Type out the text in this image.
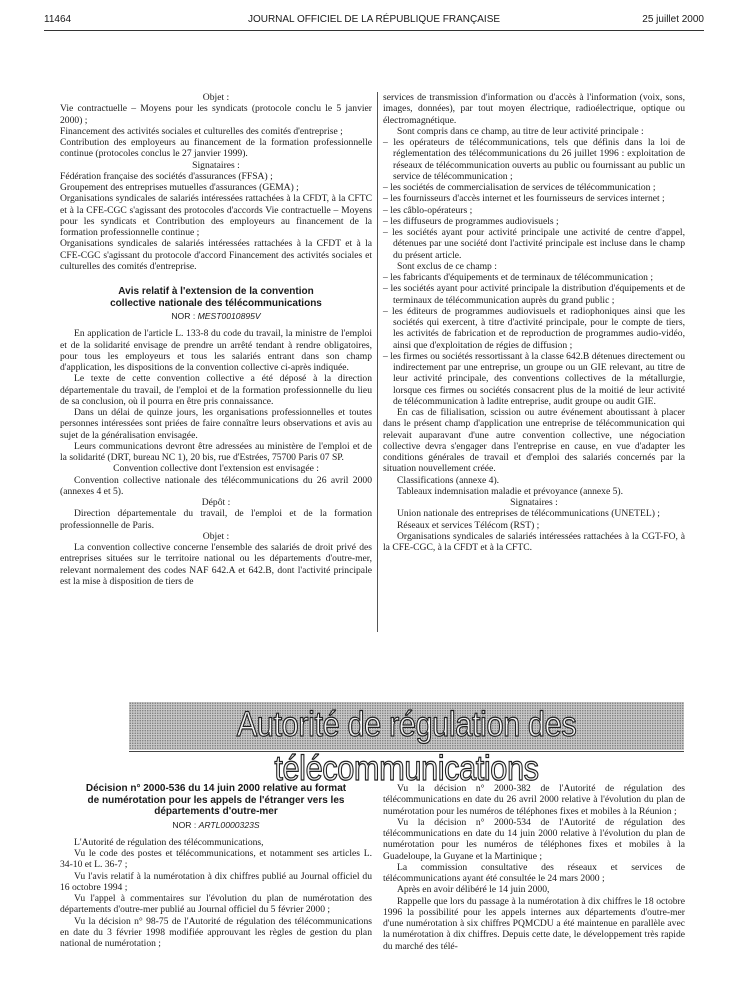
11464	JOURNAL OFFICIEL DE LA RÉPUBLIQUE FRANÇAISE	25 juillet 2000

Objet :

Vie contractuelle – Moyens pour les syndicats (protocole conclu le 5 janvier 2000) ;

Financement des activités sociales et culturelles des comités d'entreprise ;

Contribution des employeurs au financement de la formation professionnelle continue (protocoles conclus le 27 janvier 1999).

Signataires :

Fédération française des sociétés d'assurances (FFSA) ;

Groupement des entreprises mutuelles d'assurances (GEMA) ;

Organisations syndicales de salariés intéressées rattachées à la CFDT, à la CFTC et à la CFE-CGC s'agissant des protocoles d'accords Vie contractuelle – Moyens pour les syndicats et Contribution des employeurs au financement de la formation professionnelle continue ;

Organisations syndicales de salariés intéressées rattachées à la CFDT et à la CFE-CGC s'agissant du protocole d'accord Financement des activités sociales et culturelles des comités d'entreprise.

Avis relatif à l'extension de la convention
collective nationale des télécommunications

NOR : MEST0010895V

En application de l'article L. 133-8 du code du travail, la ministre de l'emploi et de la solidarité envisage de prendre un arrêté tendant à rendre obligatoires, pour tous les employeurs et tous les salariés entrant dans son champ d'application, les dispositions de la convention collective ci-après indiquée.

Le texte de cette convention collective a été déposé à la direction départementale du travail, de l'emploi et de la formation professionnelle du lieu de sa conclusion, où il pourra en être pris connaissance.

Dans un délai de quinze jours, les organisations professionnelles et toutes personnes intéressées sont priées de faire connaître leurs observations et avis au sujet de la généralisation envisagée.

Leurs communications devront être adressées au ministère de l'emploi et de la solidarité (DRT, bureau NC 1), 20 bis, rue d'Estrées, 75700 Paris 07 SP.

Convention collective dont l'extension est envisagée :

Convention collective nationale des télécommunications du 26 avril 2000 (annexes 4 et 5).

Dépôt :

Direction départementale du travail, de l'emploi et de la formation professionnelle de Paris.

Objet :

La convention collective concerne l'ensemble des salariés de droit privé des entreprises situées sur le territoire national ou les départements d'outre-mer, relevant normalement des codes NAF 642.A et 642.B, dont l'activité principale est la mise à disposition de tiers de

services de transmission d'information ou d'accès à l'information (voix, sons, images, données), par tout moyen électrique, radioélectrique, optique ou électromagnétique.

Sont compris dans ce champ, au titre de leur activité principale :

– les opérateurs de télécommunications, tels que définis dans la loi de réglementation des télécommunications du 26 juillet 1996 : exploitation de réseaux de télécommunication ouverts au public ou fournissant au public un service de télécommunication ;

– les sociétés de commercialisation de services de télécommunication ;

– les fournisseurs d'accès internet et les fournisseurs de services internet ;

– les câblo-opérateurs ;

– les diffuseurs de programmes audiovisuels ;

– les sociétés ayant pour activité principale une activité de centre d'appel, détenues par une société dont l'activité principale est incluse dans le champ du présent article.

Sont exclus de ce champ :

– les fabricants d'équipements et de terminaux de télécommunication ;

– les sociétés ayant pour activité principale la distribution d'équipements et de terminaux de télécommunication auprès du grand public ;

– les éditeurs de programmes audiovisuels et radiophoniques ainsi que les sociétés qui exercent, à titre d'activité principale, pour le compte de tiers, les activités de fabrication et de reproduction de programmes audio-vidéo, ainsi que d'exploitation de régies de diffusion ;

– les firmes ou sociétés ressortissant à la classe 642.B détenues directement ou indirectement par une entreprise, un groupe ou un GIE relevant, au titre de leur activité principale, des conventions collectives de la métallurgie, lorsque ces firmes ou sociétés consacrent plus de la moitié de leur activité de télécommunication à ladite entreprise, audit groupe ou audit GIE.

En cas de filialisation, scission ou autre événement aboutissant à placer dans le présent champ d'application une entreprise de télécommunication qui relevait auparavant d'une autre convention collective, une négociation collective devra s'engager dans l'entreprise en cause, en vue d'adapter les conditions générales de travail et d'emploi des salariés concernés par la situation nouvellement créée.

Classifications (annexe 4).

Tableaux indemnisation maladie et prévoyance (annexe 5).

Signataires :

Union nationale des entreprises de télécommunications (UNETEL) ;

Réseaux et services Télécom (RST) ;

Organisations syndicales de salariés intéressées rattachées à la CGT-FO, à la CFE-CGC, à la CFDT et à la CFTC.

Autorité de régulation des télécommunications

Décision n° 2000-536 du 14 juin 2000 relative au format
de numérotation pour les appels de l'étranger vers les
départements d'outre-mer

NOR : ARTL0000323S

L'Autorité de régulation des télécommunications,

Vu le code des postes et télécommunications, et notamment ses articles L. 34-10 et L. 36-7 ;

Vu l'avis relatif à la numérotation à dix chiffres publié au Journal officiel du 16 octobre 1994 ;

Vu l'appel à commentaires sur l'évolution du plan de numérotation des départements d'outre-mer publié au Journal officiel du 5 février 2000 ;

Vu la décision n° 98-75 de l'Autorité de régulation des télécommunications en date du 3 février 1998 modifiée approuvant les règles de gestion du plan national de numérotation ;

Vu la décision n° 2000-382 de l'Autorité de régulation des télécommunications en date du 26 avril 2000 relative à l'évolution du plan de numérotation pour les numéros de téléphones fixes et mobiles à la Réunion ;

Vu la décision n° 2000-534 de l'Autorité de régulation des télécommunications en date du 14 juin 2000 relative à l'évolution du plan de numérotation pour les numéros de téléphones fixes et mobiles à la Guadeloupe, la Guyane et la Martinique ;

La commission consultative des réseaux et services de télécommunications ayant été consultée le 24 mars 2000 ;

Après en avoir délibéré le 14 juin 2000,

Rappelle que lors du passage à la numérotation à dix chiffres le 18 octobre 1996 la possibilité pour les appels internes aux départements d'outre-mer d'une numérotation à six chiffres PQMCDU a été maintenue en parallèle avec la numérotation à dix chiffres. Depuis cette date, le développement très rapide du marché des télé-
